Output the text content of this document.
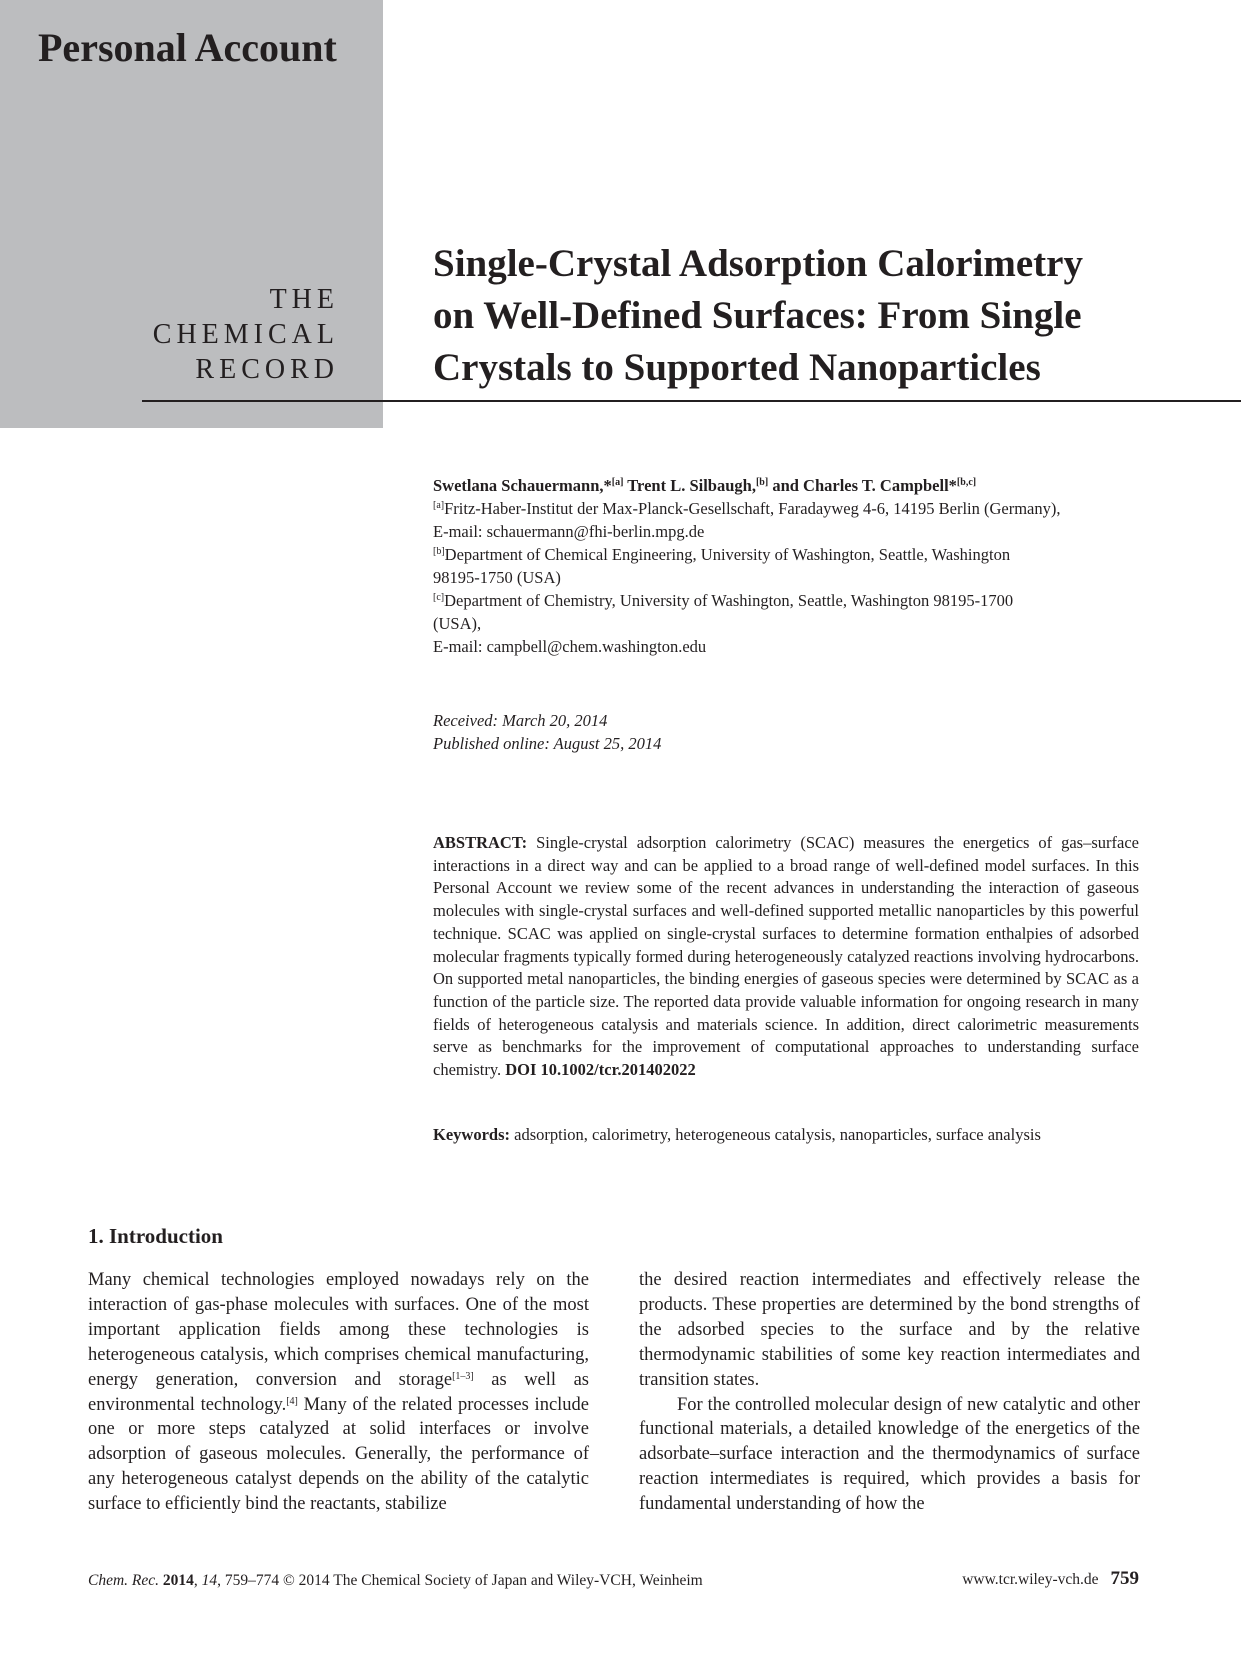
Personal Account
THE
CHEMICAL
RECORD
Single-Crystal Adsorption Calorimetry
on Well-Defined Surfaces: From Single
Crystals to Supported Nanoparticles
Swetlana Schauermann,*[a] Trent L. Silbaugh,[b] and Charles T. Campbell*[b,c]
[a]Fritz-Haber-Institut der Max-Planck-Gesellschaft, Faradayweg 4-6, 14195 Berlin (Germany),
E-mail: schauermann@fhi-berlin.mpg.de
[b]Department of Chemical Engineering, University of Washington, Seattle, Washington
98195-1750 (USA)
[c]Department of Chemistry, University of Washington, Seattle, Washington 98195-1700
(USA),
E-mail: campbell@chem.washington.edu
Received: March 20, 2014
Published online: August 25, 2014
ABSTRACT: Single-crystal adsorption calorimetry (SCAC) measures the energetics of gas–surface interactions in a direct way and can be applied to a broad range of well-defined model surfaces. In this Personal Account we review some of the recent advances in understanding the interaction of gaseous molecules with single-crystal surfaces and well-defined supported metallic nanoparticles by this powerful technique. SCAC was applied on single-crystal surfaces to determine formation enthalpies of adsorbed molecular fragments typically formed during heterogeneously catalyzed reactions involving hydrocarbons. On supported metal nanoparticles, the binding energies of gaseous species were determined by SCAC as a function of the particle size. The reported data provide valuable information for ongoing research in many fields of heterogeneous catalysis and materials science. In addition, direct calorimetric measurements serve as benchmarks for the improvement of computational approaches to understanding surface chemistry. DOI 10.1002/tcr.201402022
Keywords: adsorption, calorimetry, heterogeneous catalysis, nanoparticles, surface analysis
1. Introduction

Many chemical technologies employed nowadays rely on the interaction of gas-phase molecules with surfaces. One of the most important application fields among these technologies is heterogeneous catalysis, which comprises chemical manufacturing, energy generation, conversion and storage[1–3] as well as environmental technology.[4] Many of the related processes include one or more steps catalyzed at solid interfaces or involve adsorption of gaseous molecules. Generally, the performance of any heterogeneous catalyst depends on the ability of the catalytic surface to efficiently bind the reactants, stabilize

the desired reaction intermediates and effectively release the products. These properties are determined by the bond strengths of the adsorbed species to the surface and by the relative thermodynamic stabilities of some key reaction intermediates and transition states.

For the controlled molecular design of new catalytic and other functional materials, a detailed knowledge of the energetics of the adsorbate–surface interaction and the thermodynamics of surface reaction intermediates is required, which provides a basis for fundamental understanding of how the

Chem. Rec. 2014, 14, 759–774 © 2014 The Chemical Society of Japan and Wiley-VCH, Weinheim	www.tcr.wiley-vch.de 759
